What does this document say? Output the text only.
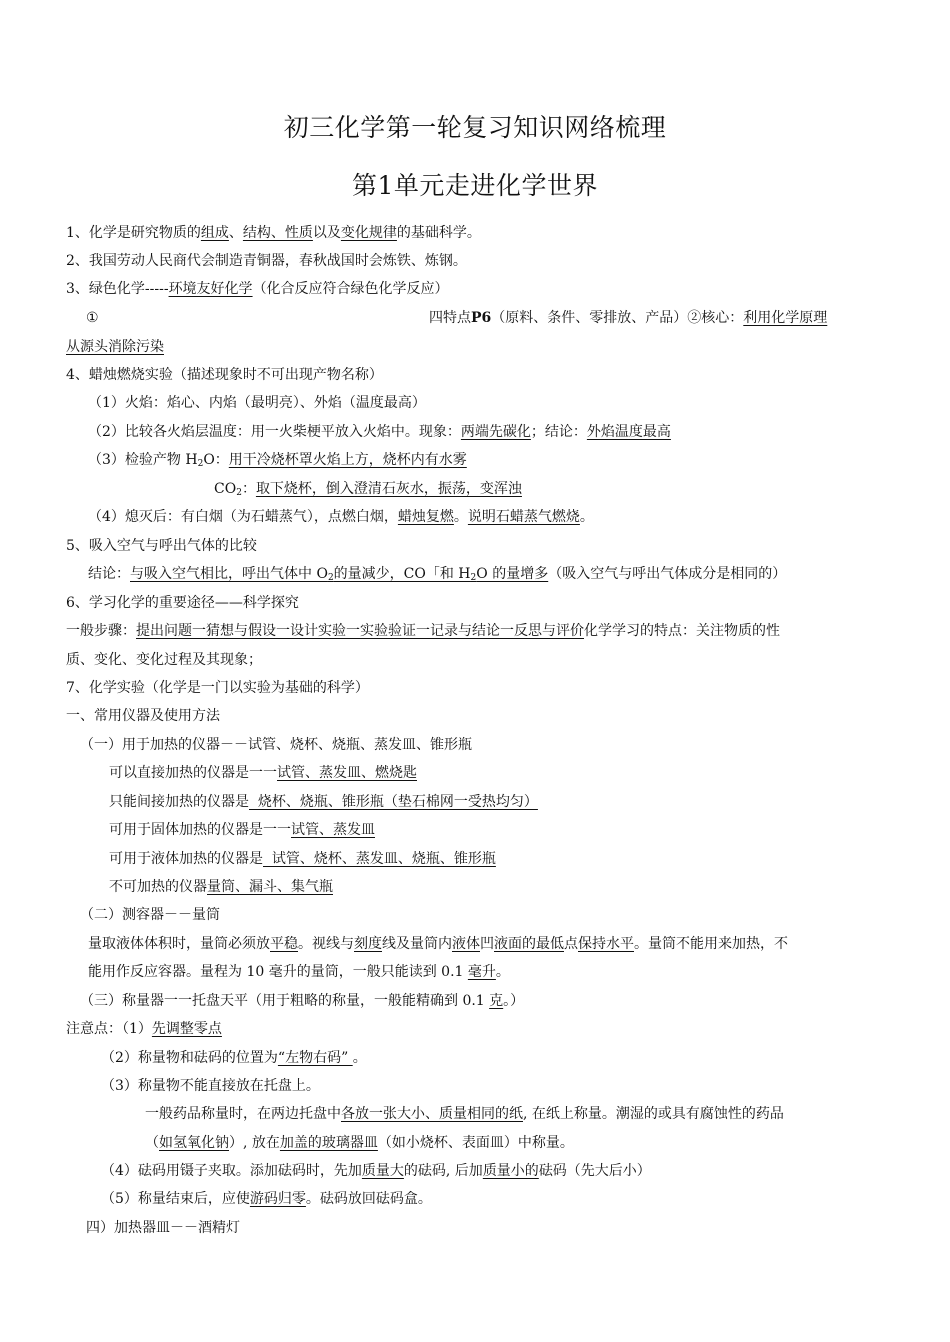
初三化学第一轮复习知识网络梳理
第1单元走进化学世界
1、化学是研究物质的组成、结构、性质以及变化规律的基础科学。
2、我国劳动人民商代会制造青铜器，春秋战国时会炼铁、炼钢。
3、绿色化学-----环境友好化学（化合反应符合绿色化学反应）
①	四特点P6（原料、条件、零排放、产品）②核心：利用化学原理
从源头消除污染
4、蜡烛燃烧实验（描述现象时不可出现产物名称）
（1）火焰：焰心、内焰（最明亮）、外焰（温度最高）
（2）比较各火焰层温度：用一火柴梗平放入火焰中。现象：两端先碳化；结论：外焰温度最高
（3）检验产物 $H_2O$：用干冷烧杯罩火焰上方，烧杯内有水雾
$CO_2$：取下烧杯，倒入澄清石灰水，振荡，变浑浊
（4）熄灭后：有白烟（为石蜡蒸气），点燃白烟，蜡烛复燃。说明石蜡蒸气燃烧。
5、吸入空气与呼出气体的比较
结论：与吸入空气相比，呼出气体中 $O_2$的量减少，CO「和 $H_2O$ 的量增多（吸入空气与呼出气体成分是相同的）
6、学习化学的重要途径——科学探究
一般步骤：提出问题一猜想与假设一设计实验一实验验证一记录与结论一反思与评价化学学习的特点：关注物质的性
质、变化、变化过程及其现象；
7、化学实验（化学是一门以实验为基础的科学）
一、常用仪器及使用方法
（一）用于加热的仪器－－试管、烧杯、烧瓶、蒸发皿、锥形瓶
可以直接加热的仪器是一一试管、蒸发皿、燃烧匙
只能间接加热的仪器是  烧杯、烧瓶、锥形瓶（垫石棉网一受热均匀）
可用于固体加热的仪器是一一试管、蒸发皿
可用于液体加热的仪器是  试管、烧杯、蒸发皿、烧瓶、锥形瓶
不可加热的仪器量筒、漏斗、集气瓶
（二）测容器－－量筒
量取液体体积时，量筒必须放平稳。视线与刻度线及量筒内液体凹液面的最低点保持水平。量筒不能用来加热，不
能用作反应容器。量程为 10 毫升的量筒，一般只能读到 0.1 毫升。
（三）称量器一一托盘天平（用于粗略的称量，一般能精确到 0.1 克。）
注意点：（1）先调整零点
（2）称量物和砝码的位置为“左物右码” 。
（3）称量物不能直接放在托盘上。
一般药品称量时，在两边托盘中各放一张大小、质量相同的纸, 在纸上称量。潮湿的或具有腐蚀性的药品
（如氢氧化钠）, 放在加盖的玻璃器皿（如小烧杯、表面皿）中称量。
（4）砝码用镊子夹取。添加砝码时，先加质量大的砝码, 后加质量小的砝码（先大后小）
（5）称量结束后，应使游码归零。砝码放回砝码盒。
四）加热器皿－－酒精灯
